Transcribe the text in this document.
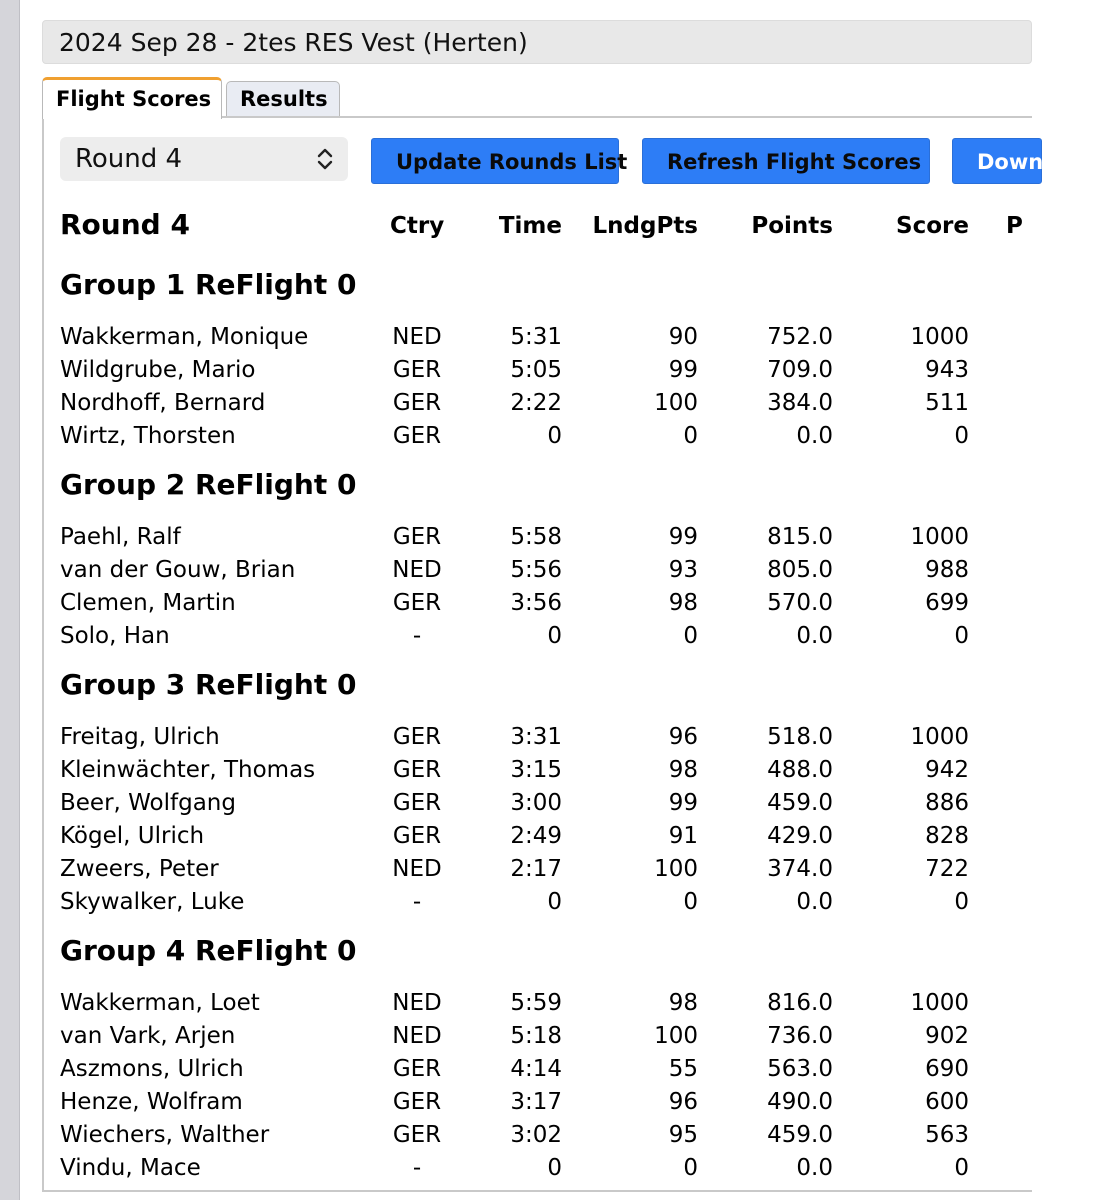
2024 Sep 28 - 2tes RES Vest (Herten)
Flight Scores	Results
Round 4	Update Rounds List	Refresh Flight Scores	Download
Round 4	Ctry Time LndgPts Points	Score P
Group 1 ReFlight 0
Wakkerman, Monique	NED	5:31	90	752.0	1000
Wildgrube, Mario	GER	5:05	99	709.0	943
Nordhoff, Bernard	GER	2:22	100	384.0	511
Wirtz, Thorsten	GER	0	0	0.0	0
Group 2 ReFlight 0
Paehl, Ralf	GER	5:58	99	815.0	1000
van der Gouw, Brian	NED	5:56	93	805.0	988
Clemen, Martin	GER	3:56	98	570.0	699
Solo, Han	-	0	0	0.0	0
Group 3 ReFlight 0
Freitag, Ulrich	GER	3:31	96	518.0	1000
Kleinwächter, Thomas	GER	3:15	98	488.0	942
Beer, Wolfgang	GER	3:00	99	459.0	886
Kögel, Ulrich	GER	2:49	91	429.0	828
Zweers, Peter	NED	2:17	100	374.0	722
Skywalker, Luke	-	0	0	0.0	0
Group 4 ReFlight 0
Wakkerman, Loet	NED	5:59	98	816.0	1000
van Vark, Arjen	NED	5:18	100	736.0	902
Aszmons, Ulrich	GER	4:14	55	563.0	690
Henze, Wolfram	GER	3:17	96	490.0	600
Wiechers, Walther	GER	3:02	95	459.0	563
Vindu, Mace	-	0	0	0.0	0
